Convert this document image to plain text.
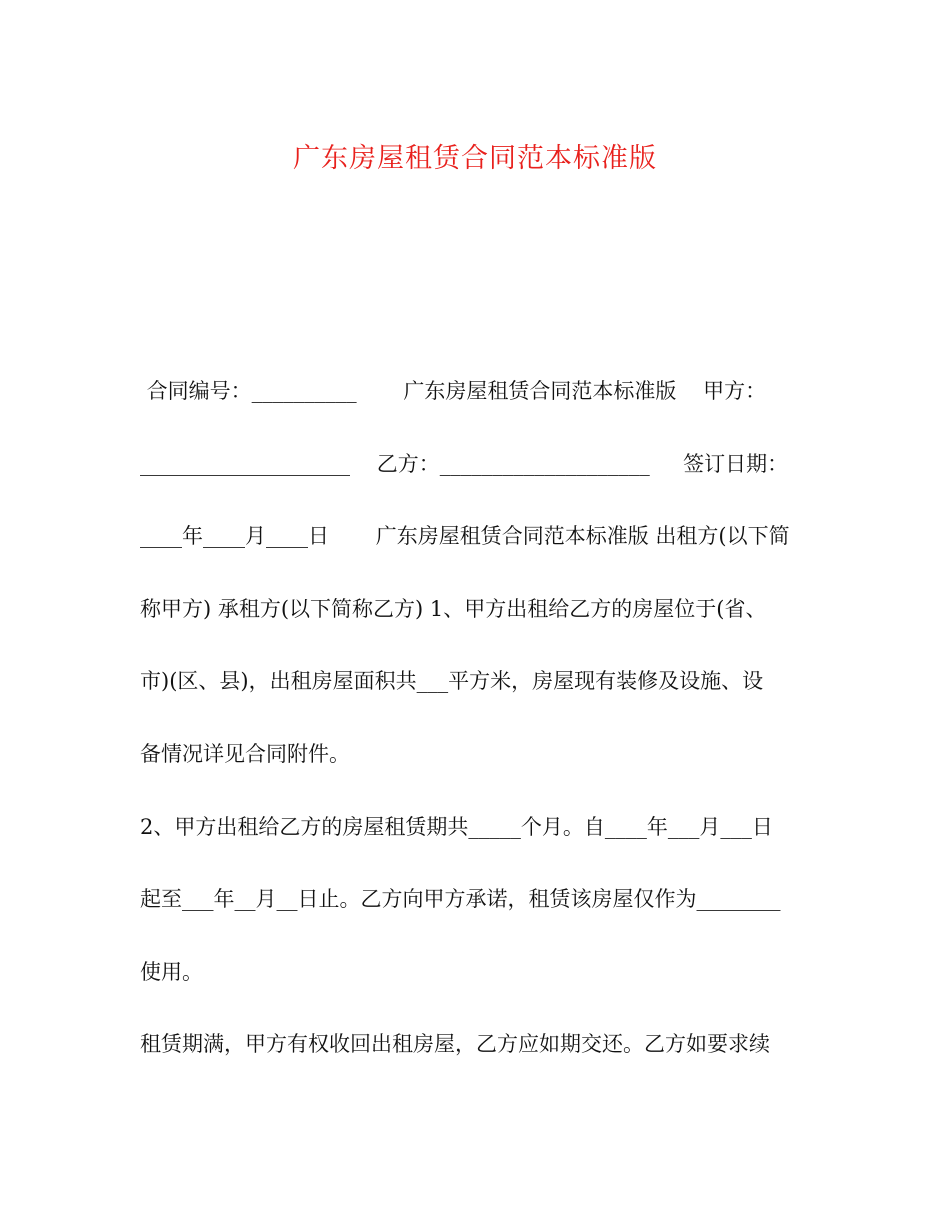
广东房屋租赁合同范本标准版
合同编号：__________       广东房屋租赁合同范本标准版    甲方：
____________________    乙方：____________________     签订日期：
____年____月____日       广东房屋租赁合同范本标准版 出租方(以下简
称甲方) 承租方(以下简称乙方) 1、甲方出租给乙方的房屋位于(省、
市)(区、县)，出租房屋面积共___平方米，房屋现有装修及设施、设
备情况详见合同附件。
2、甲方出租给乙方的房屋租赁期共_____个月。自____年___月___日
起至___年__月__日止。乙方向甲方承诺，租赁该房屋仅作为________
使用。
租赁期满，甲方有权收回出租房屋，乙方应如期交还。乙方如要求续
